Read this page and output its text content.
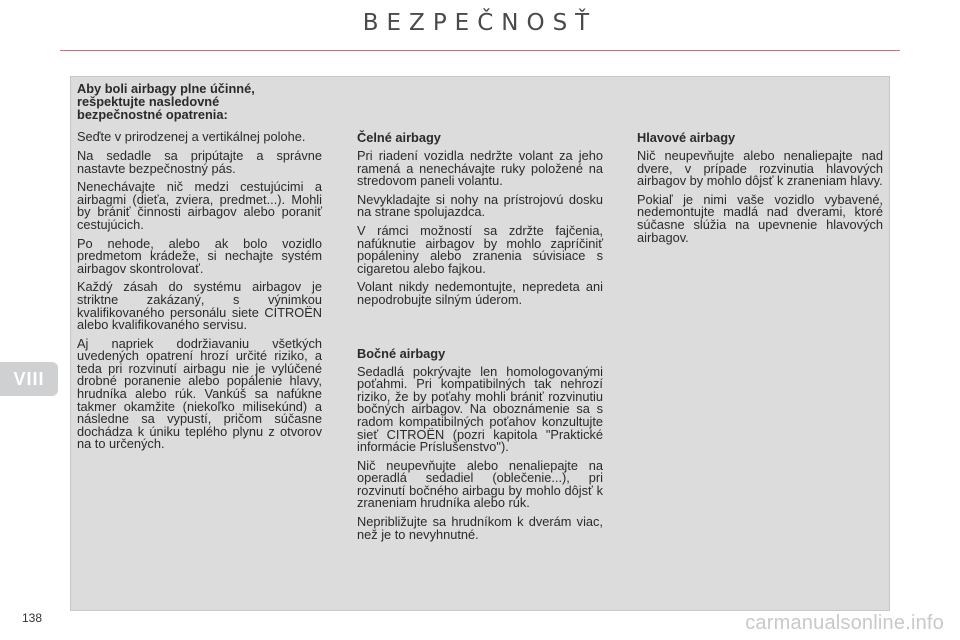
BEZPEČNOSŤ
VIII
Aby boli airbagy plne účinné, rešpektujte nasledovné bezpečnostné opatrenia:

Seďte v prirodzenej a vertikálnej polohe.

Na sedadle sa pripútajte a správne nastavte bezpečnostný pás.

Nenechávajte nič medzi cestujúcimi a airbagmi (dieťa, zviera, predmet...). Mohli by brániť činnosti airbagov alebo poraniť cestujúcich.

Po nehode, alebo ak bolo vozidlo predmetom krádeže, si nechajte systém airbagov skontrolovať.

Každý zásah do systému airbagov je striktne zakázaný, s výnimkou kvalifikovaného personálu siete CITROËN alebo kvalifikovaného servisu.

Aj napriek dodržiavaniu všetkých uvedených opatrení hrozí určité riziko, a teda pri rozvinutí airbagu nie je vylúčené drobné poranenie alebo popálenie hlavy, hrudníka alebo rúk. Vankúš sa nafúkne takmer okamžite (niekoľko milisekúnd) a následne sa vypustí, pričom súčasne dochádza k úniku teplého plynu z otvorov na to určených.

Čelné airbagy

Pri riadení vozidla nedržte volant za jeho ramená a nenechávajte ruky položené na stredovom paneli volantu.

Nevykladajte si nohy na prístrojovú dosku na strane spolujazdca.

V rámci možností sa zdržte fajčenia, nafúknutie airbagov by mohlo zapríčiniť popáleniny alebo zranenia súvisiace s cigaretou alebo fajkou.

Volant nikdy nedemontujte, nepredeta ani nepodrobujte silným úderom.

Bočné airbagy

Sedadlá pokrývajte len homologovanými poťahmi. Pri kompatibilných tak nehrozí riziko, že by poťahy mohli brániť rozvinutiu bočných airbagov. Na oboznámenie sa s radom kompatibilných poťahov konzultujte sieť CITROËN (pozri kapitola "Praktické informácie Príslušenstvo").

Nič neupevňujte alebo nenaliepajte na operadlá sedadiel (oblečenie...), pri rozvinutí bočného airbagu by mohlo dôjsť k zraneniam hrudníka alebo rúk.

Nepribližujte sa hrudníkom k dverám viac, než je to nevyhnutné.

Hlavové airbagy

Nič neupevňujte alebo nenaliepajte nad dvere, v prípade rozvinutia hlavových airbagov by mohlo dôjsť k zraneniam hlavy.

Pokiaľ je nimi vaše vozidlo vybavené, nedemontujte madlá nad dverami, ktoré súčasne slúžia na upevnenie hlavových airbagov.

138	carmanualsonline.info
